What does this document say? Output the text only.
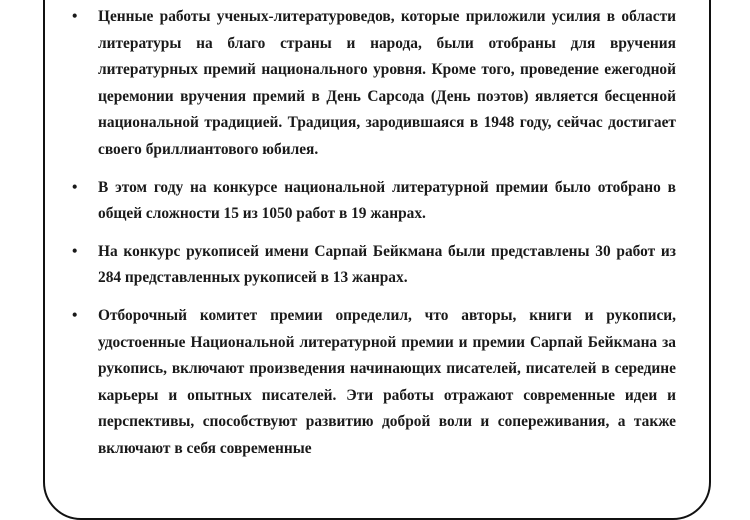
• Ценные работы ученых-литературоведов, которые приложили усилия в области литературы на благо страны и народа, были отобраны для вручения литературных премий национального уровня. Кроме того, проведение ежегодной церемонии вручения премий в День Сарсода (День поэтов) является бесценной национальной традицией. Традиция, зародившаяся в 1948 году, сейчас достигает своего бриллиантового юбилея.
• В этом году на конкурсе национальной литературной премии было отобрано в общей сложности 15 из 1050 работ в 19 жанрах.
• На конкурс рукописей имени Сарпай Бейкмана были представлены 30 работ из 284 представленных рукописей в 13 жанрах.
• Отборочный комитет премии определил, что авторы, книги и рукописи, удостоенные Национальной литературной премии и премии Сарпай Бейкмана за рукопись, включают произведения начинающих писателей, писателей в середине карьеры и опытных писателей. Эти работы отражают современные идеи и перспективы, способствуют развитию доброй воли и сопереживания, а также включают в себя современные
